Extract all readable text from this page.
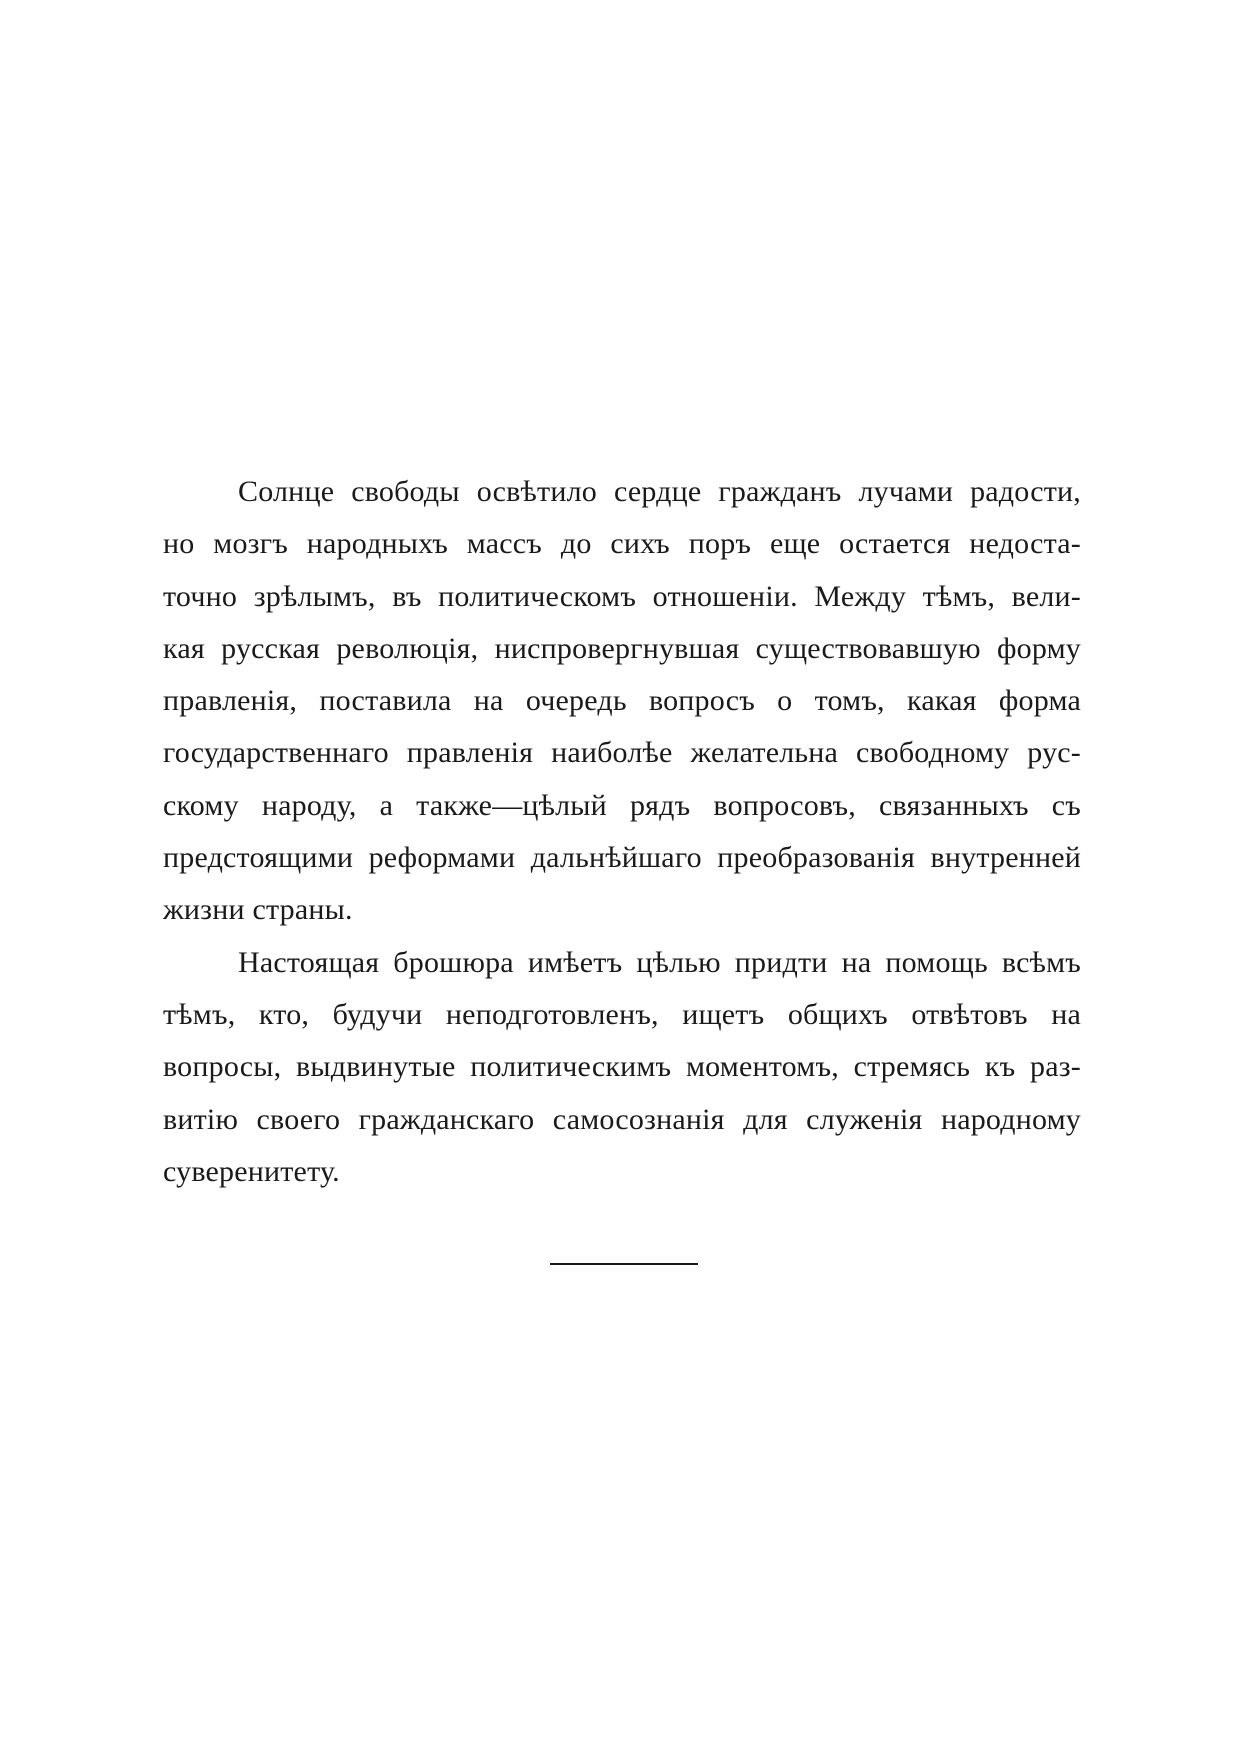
Солнце свободы освѣтило сердце гражданъ лучами радости,
но мозгъ народныхъ массъ до сихъ поръ еще остается недоста-
точно зрѣлымъ, въ политическомъ отношеніи. Между тѣмъ, вели-
кая русская революція, ниспровергнувшая существовавшую форму
правленія, поставила на очередь вопросъ о томъ, какая форма
государственнаго правленія наиболѣе желательна свободному рус-
скому народу, а также—цѣлый рядъ вопросовъ, связанныхъ съ
предстоящими реформами дальнѣйшаго преобразованія внутренней
жизни страны.
Настоящая брошюра имѣетъ цѣлью придти на помощь всѣмъ
тѣмъ, кто, будучи неподготовленъ, ищетъ общихъ отвѣтовъ на
вопросы, выдвинутые политическимъ моментомъ, стремясь къ раз-
витію своего гражданскаго самосознанія для служенія народному
суверенитету.
